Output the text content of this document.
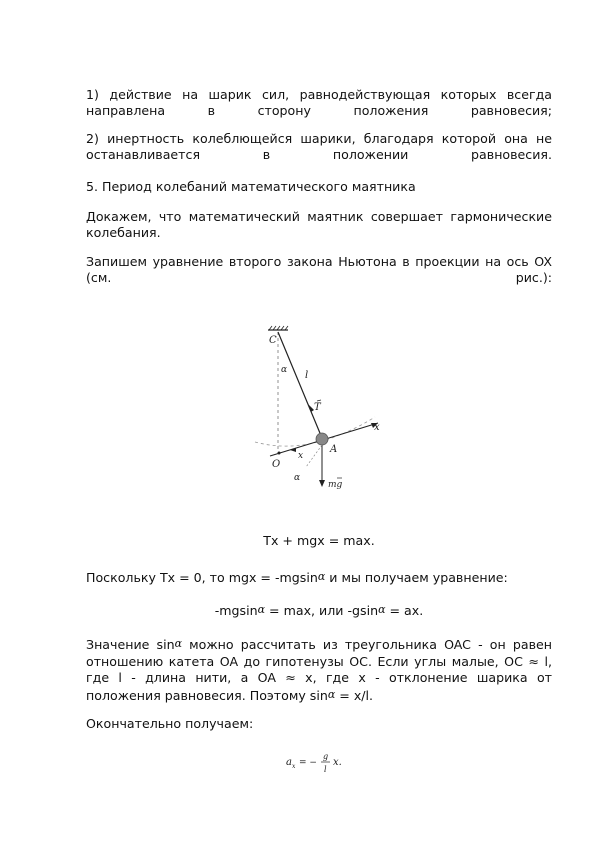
1) действие на шарик сил, равнодействующая которых всегда направлена в сторону положения равновесия;

2) инертность колеблющейся шарики, благодаря которой она не останавливается в положении равновесия.

5. Период колебаний математического маятника

Докажем, что математический маятник совершает гармонические колебания.

Запишем уравнение второго закона Ньютона в проекции на ось OX (см. рис.):

C
α l
T
x
A
O
x
α
mg

Tx + mgx = max.

Поскольку Tx = 0, то mgx = -mgsinα и мы получаем уравнение:

-mgsinα = max, или -gsinα = ax.

Значение sinα можно рассчитать из треугольника OAC - он равен отношению катета OA до гипотенузы OC. Если углы малые, OC ≈ l, где l - длина нити, а OA ≈ x, где x - отклонение шарика от положения равновесия. Поэтому sinα = x/l.

Окончательно получаем:

a x = −
g
l
x.
